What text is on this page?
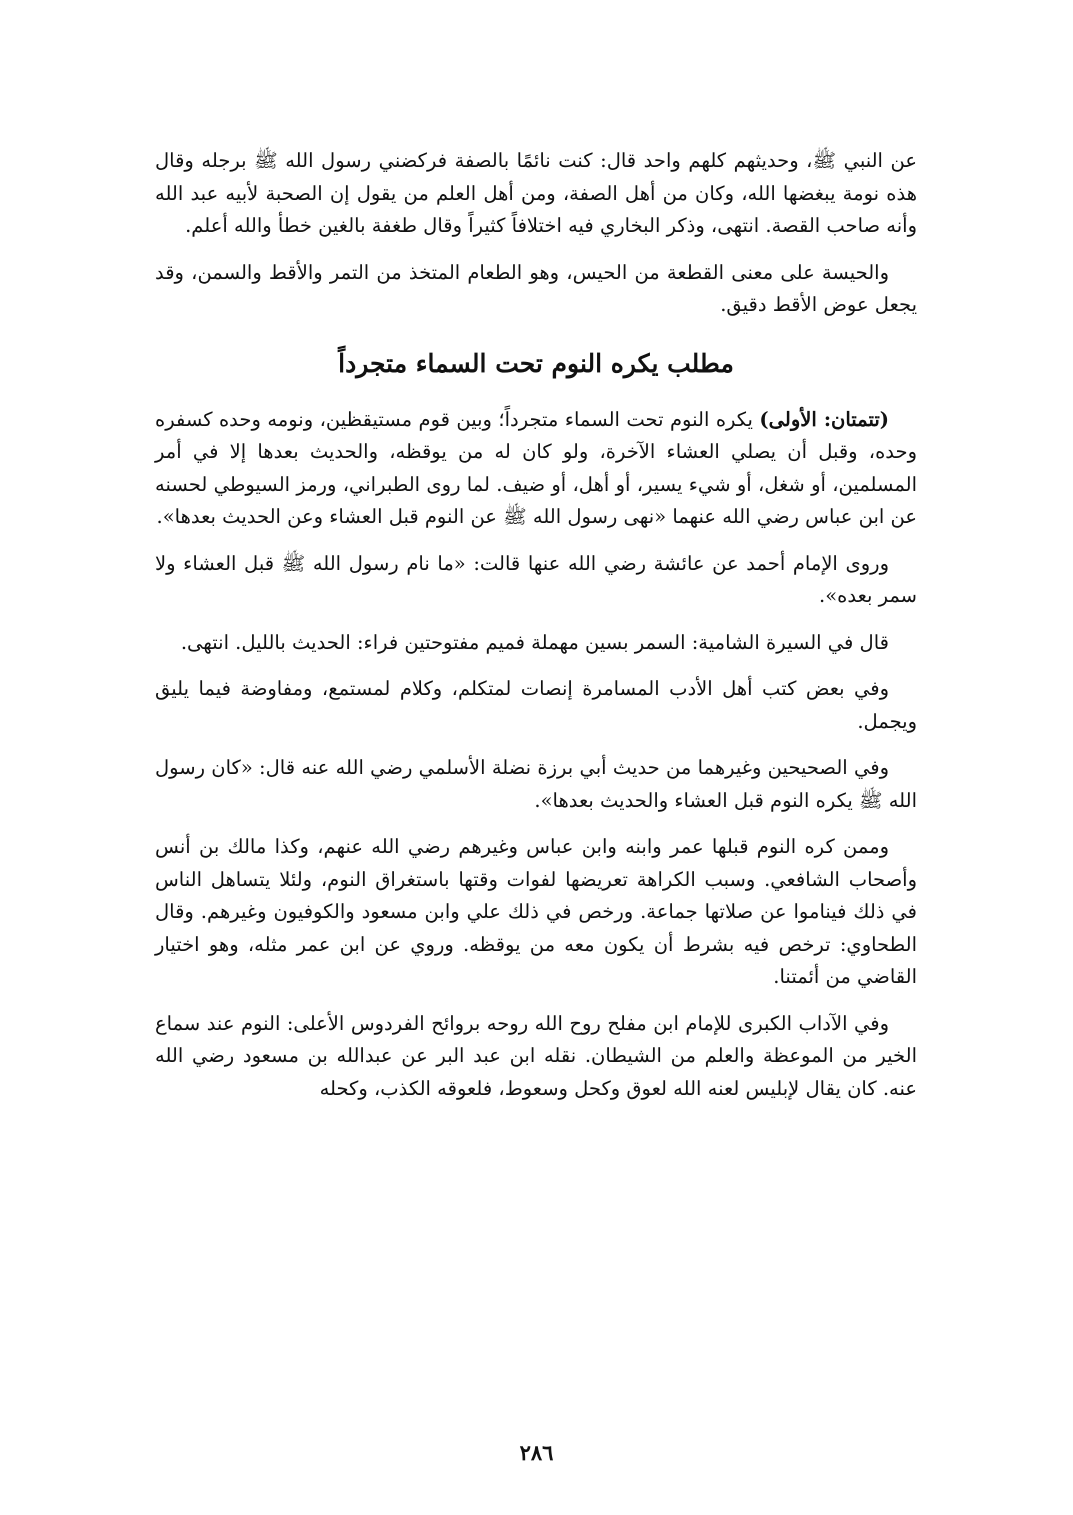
عن النبي ﷺ، وحديثهم كلهم واحد قال: كنت نائمًا بالصفة فركضني رسول الله ﷺ برجله وقال هذه نومة يبغضها الله، وكان من أهل الصفة، ومن أهل العلم من يقول إن الصحبة لأبيه عبد الله وأنه صاحب القصة. انتهى، وذكر البخاري فيه اختلافاً كثيراً وقال طغفة بالغين خطأ والله أعلم.

والحيسة على معنى القطعة من الحيس، وهو الطعام المتخذ من التمر والأقط والسمن، وقد يجعل عوض الأقط دقيق.

مطلب يكره النوم تحت السماء متجرداً

(تتمتان: الأولى) يكره النوم تحت السماء متجرداً؛ وبين قوم مستيقظين، ونومه وحده كسفره وحده، وقبل أن يصلي العشاء الآخرة، ولو كان له من يوقظه، والحديث بعدها إلا في أمر المسلمين، أو شغل، أو شيء يسير، أو أهل، أو ضيف. لما روى الطبراني، ورمز السيوطي لحسنه عن ابن عباس رضي الله عنهما «نهى رسول الله ﷺ عن النوم قبل العشاء وعن الحديث بعدها».

وروى الإمام أحمد عن عائشة رضي الله عنها قالت: «ما نام رسول الله ﷺ قبل العشاء ولا سمر بعده».

قال في السيرة الشامية: السمر بسين مهملة فميم مفتوحتين فراء: الحديث بالليل. انتهى.

وفي بعض كتب أهل الأدب المسامرة إنصات لمتكلم، وكلام لمستمع، ومفاوضة فيما يليق ويجمل.

وفي الصحيحين وغيرهما من حديث أبي برزة نضلة الأسلمي رضي الله عنه قال: «كان رسول الله ﷺ يكره النوم قبل العشاء والحديث بعدها».

وممن كره النوم قبلها عمر وابنه وابن عباس وغيرهم رضي الله عنهم، وكذا مالك بن أنس وأصحاب الشافعي. وسبب الكراهة تعريضها لفوات وقتها باستغراق النوم، ولئلا يتساهل الناس في ذلك فيناموا عن صلاتها جماعة. ورخص في ذلك علي وابن مسعود والكوفيون وغيرهم. وقال الطحاوي: ترخص فيه بشرط أن يكون معه من يوقظه. وروي عن ابن عمر مثله، وهو اختيار القاضي من أئمتنا.

وفي الآداب الكبرى للإمام ابن مفلح روح الله روحه بروائح الفردوس الأعلى: النوم عند سماع الخير من الموعظة والعلم من الشيطان. نقله ابن عبد البر عن عبدالله بن مسعود رضي الله عنه. كان يقال لإبليس لعنه الله لعوق وكحل وسعوط، فلعوقه الكذب، وكحله

٢٨٦
